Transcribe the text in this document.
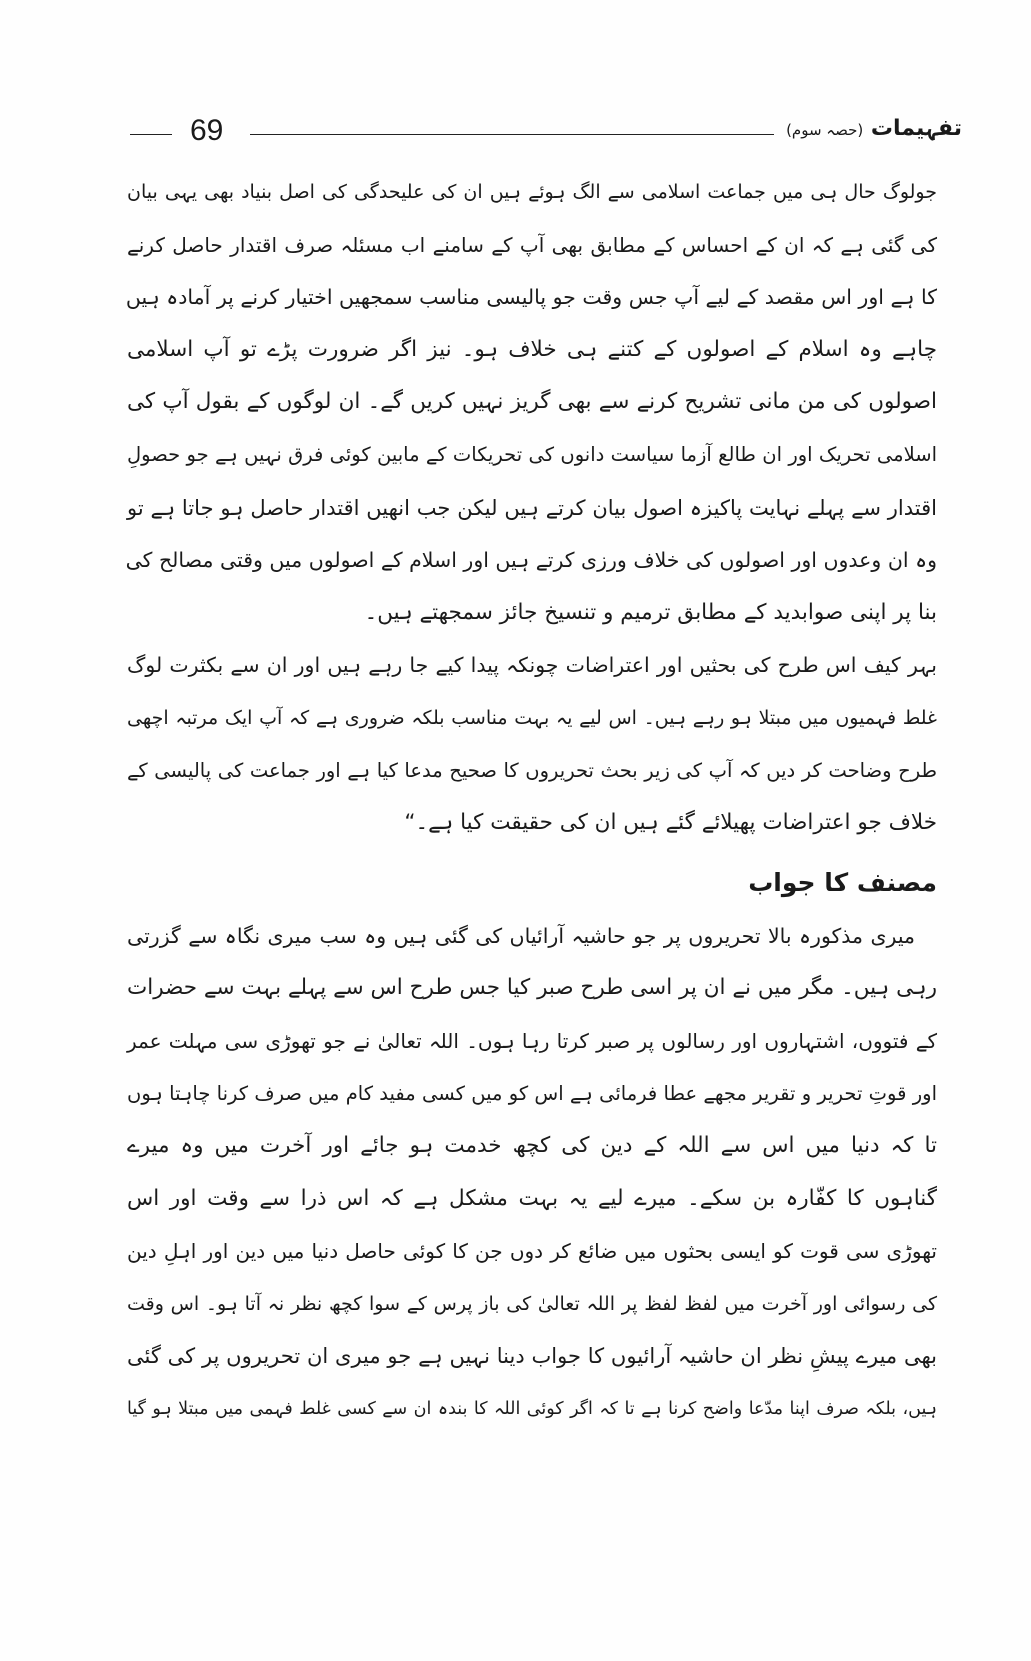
تفہیمات (حصہ سوم)
69
جولوگ حال ہی میں جماعت اسلامی سے الگ ہوئے ہیں ان کی علیحدگی کی اصل بنیاد بھی یہی بیان
کی گئی ہے کہ ان کے احساس کے مطابق بھی آپ کے سامنے اب مسئلہ صرف اقتدار حاصل کرنے
کا ہے اور اس مقصد کے لیے آپ جس وقت جو پالیسی مناسب سمجھیں اختیار کرنے پر آمادہ ہیں
چاہے وہ اسلام کے اصولوں کے کتنے ہی خلاف ہو۔ نیز اگر ضرورت پڑے تو آپ اسلامی
اصولوں کی من مانی تشریح کرنے سے بھی گریز نہیں کریں گے۔ ان لوگوں کے بقول آپ کی
اسلامی تحریک اور ان طالع آزما سیاست دانوں کی تحریکات کے مابین کوئی فرق نہیں ہے جو حصولِ
اقتدار سے پہلے نہایت پاکیزہ اصول بیان کرتے ہیں لیکن جب انھیں اقتدار حاصل ہو جاتا ہے تو
وہ ان وعدوں اور اصولوں کی خلاف ورزی کرتے ہیں اور اسلام کے اصولوں میں وقتی مصالح کی
بنا پر اپنی صوابدید کے مطابق ترمیم و تنسیخ جائز سمجھتے ہیں۔
بہر کیف اس طرح کی بحثیں اور اعتراضات چونکہ پیدا کیے جا رہے ہیں اور ان سے بکثرت لوگ
غلط فہمیوں میں مبتلا ہو رہے ہیں۔ اس لیے یہ بہت مناسب بلکہ ضروری ہے کہ آپ ایک مرتبہ اچھی
طرح وضاحت کر دیں کہ آپ کی زیر بحث تحریروں کا صحیح مدعا کیا ہے اور جماعت کی پالیسی کے
خلاف جو اعتراضات پھیلائے گئے ہیں ان کی حقیقت کیا ہے۔“
مصنف کا جواب
میری مذکورہ بالا تحریروں پر جو حاشیہ آرائیاں کی گئی ہیں وہ سب میری نگاہ سے گزرتی
رہی ہیں۔ مگر میں نے ان پر اسی طرح صبر کیا جس طرح اس سے پہلے بہت سے حضرات
کے فتووں، اشتہاروں اور رسالوں پر صبر کرتا رہا ہوں۔ اللہ تعالیٰ نے جو تھوڑی سی مہلت عمر
اور قوتِ تحریر و تقریر مجھے عطا فرمائی ہے اس کو میں کسی مفید کام میں صرف کرنا چاہتا ہوں
تا کہ دنیا میں اس سے اللہ کے دین کی کچھ خدمت ہو جائے اور آخرت میں وہ میرے
گناہوں کا کفّارہ بن سکے۔ میرے لیے یہ بہت مشکل ہے کہ اس ذرا سے وقت اور اس
تھوڑی سی قوت کو ایسی بحثوں میں ضائع کر دوں جن کا کوئی حاصل دنیا میں دین اور اہلِ دین
کی رسوائی اور آخرت میں لفظ لفظ پر اللہ تعالیٰ کی باز پرس کے سوا کچھ نظر نہ آتا ہو۔ اس وقت
بھی میرے پیشِ نظر ان حاشیہ آرائیوں کا جواب دینا نہیں ہے جو میری ان تحریروں پر کی گئی
ہیں، بلکہ صرف اپنا مدّعا واضح کرنا ہے تا کہ اگر کوئی اللہ کا بندہ ان سے کسی غلط فہمی میں مبتلا ہو گیا
